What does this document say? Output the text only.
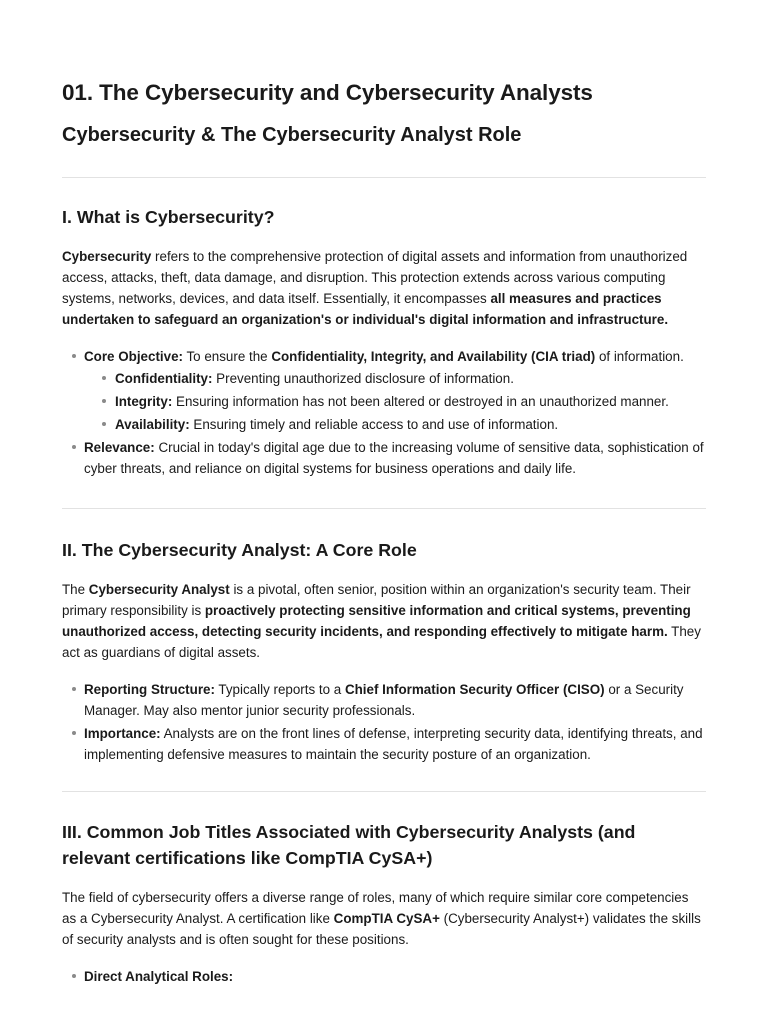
01. The Cybersecurity and Cybersecurity Analysts
Cybersecurity & The Cybersecurity Analyst Role
I. What is Cybersecurity?

Cybersecurity refers to the comprehensive protection of digital assets and information from unauthorized access, attacks, theft, data damage, and disruption. This protection extends across various computing systems, networks, devices, and data itself. Essentially, it encompasses all measures and practices undertaken to safeguard an organization's or individual's digital information and infrastructure.

Core Objective: To ensure the Confidentiality, Integrity, and Availability (CIA triad) of information.
Confidentiality: Preventing unauthorized disclosure of information.
Integrity: Ensuring information has not been altered or destroyed in an unauthorized manner.
Availability: Ensuring timely and reliable access to and use of information.
Relevance: Crucial in today's digital age due to the increasing volume of sensitive data, sophistication of cyber threats, and reliance on digital systems for business operations and daily life.
II. The Cybersecurity Analyst: A Core Role

The Cybersecurity Analyst is a pivotal, often senior, position within an organization's security team. Their primary responsibility is proactively protecting sensitive information and critical systems, preventing unauthorized access, detecting security incidents, and responding effectively to mitigate harm. They act as guardians of digital assets.

Reporting Structure: Typically reports to a Chief Information Security Officer (CISO) or a Security Manager. May also mentor junior security professionals.
Importance: Analysts are on the front lines of defense, interpreting security data, identifying threats, and implementing defensive measures to maintain the security posture of an organization.
III. Common Job Titles Associated with Cybersecurity Analysts (and relevant certifications like CompTIA CySA+)

The field of cybersecurity offers a diverse range of roles, many of which require similar core competencies as a Cybersecurity Analyst. A certification like CompTIA CySA+ (Cybersecurity Analyst+) validates the skills of security analysts and is often sought for these positions.

Direct Analytical Roles:
